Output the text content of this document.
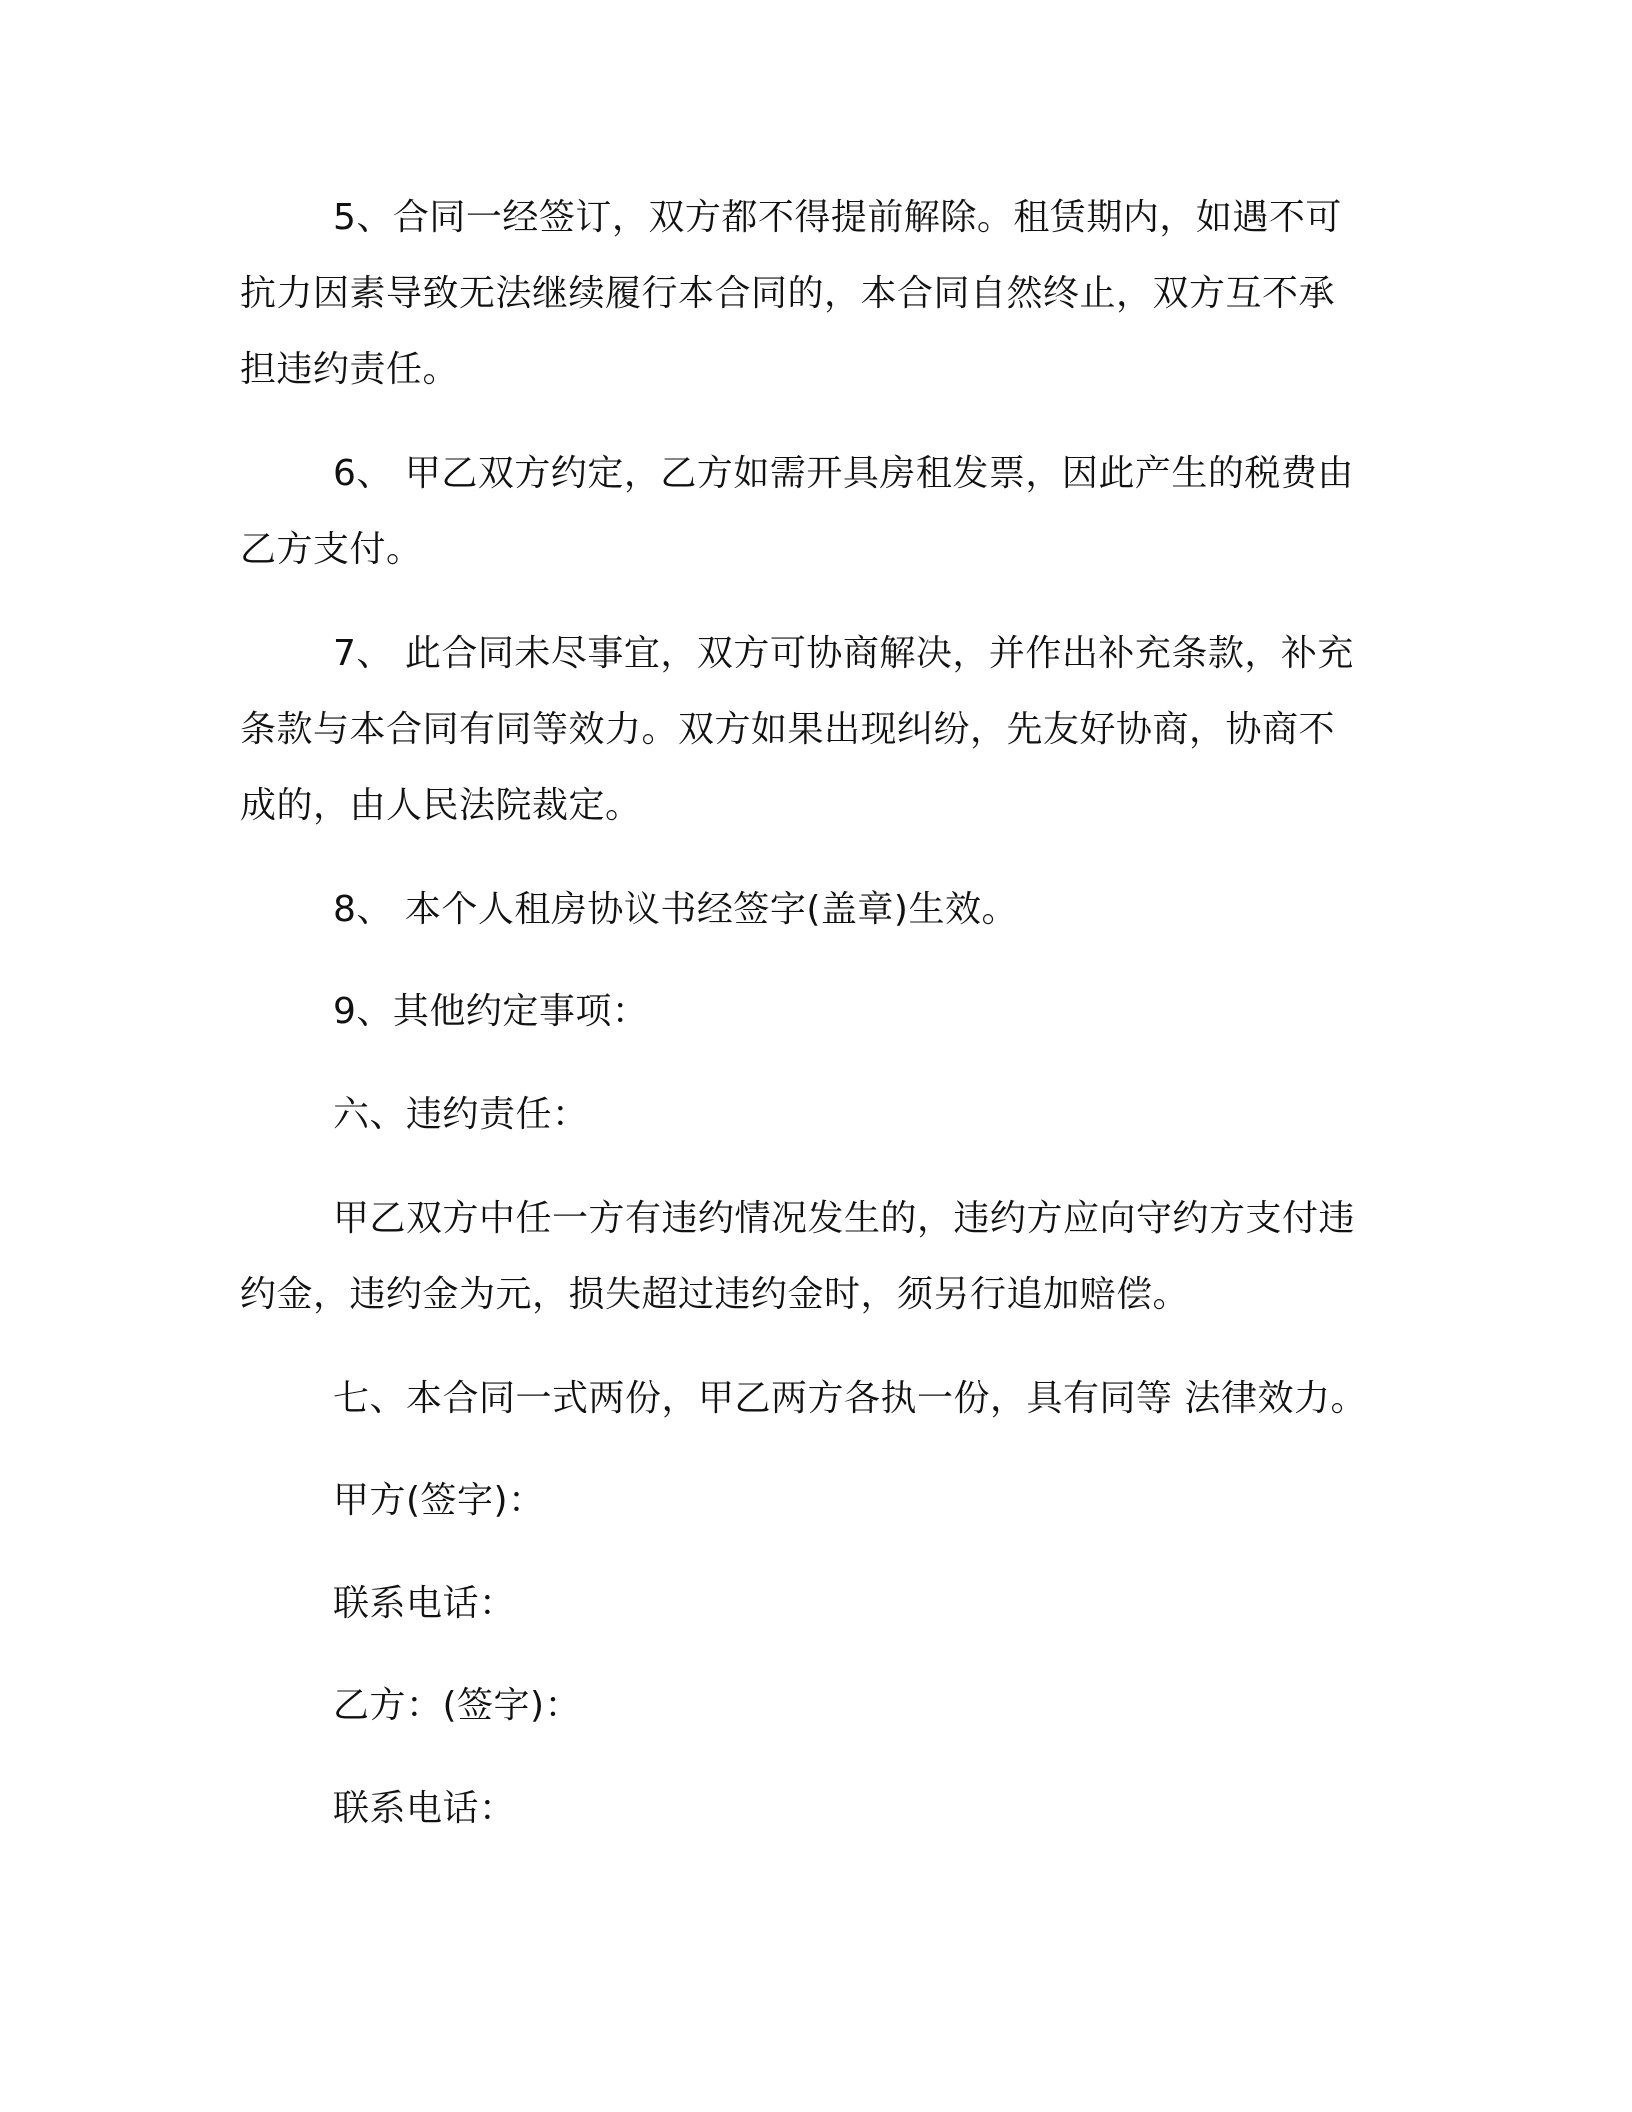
5、合同一经签订，双方都不得提前解除。租赁期内，如遇不可
抗力因素导致无法继续履行本合同的，本合同自然终止，双方互不承
担违约责任。
6、 甲乙双方约定，乙方如需开具房租发票，因此产生的税费由
乙方支付。
7、 此合同未尽事宜，双方可协商解决，并作出补充条款，补充
条款与本合同有同等效力。双方如果出现纠纷，先友好协商，协商不
成的，由人民法院裁定。
8、 本个人租房协议书经签字(盖章)生效。
9、其他约定事项：
六、违约责任：
甲乙双方中任一方有违约情况发生的，违约方应向守约方支付违
约金，违约金为元，损失超过违约金时，须另行追加赔偿。
七、本合同一式两份，甲乙两方各执一份，具有同等 法律效力。
甲方(签字)：
联系电话：
乙方：(签字)：
联系电话：
